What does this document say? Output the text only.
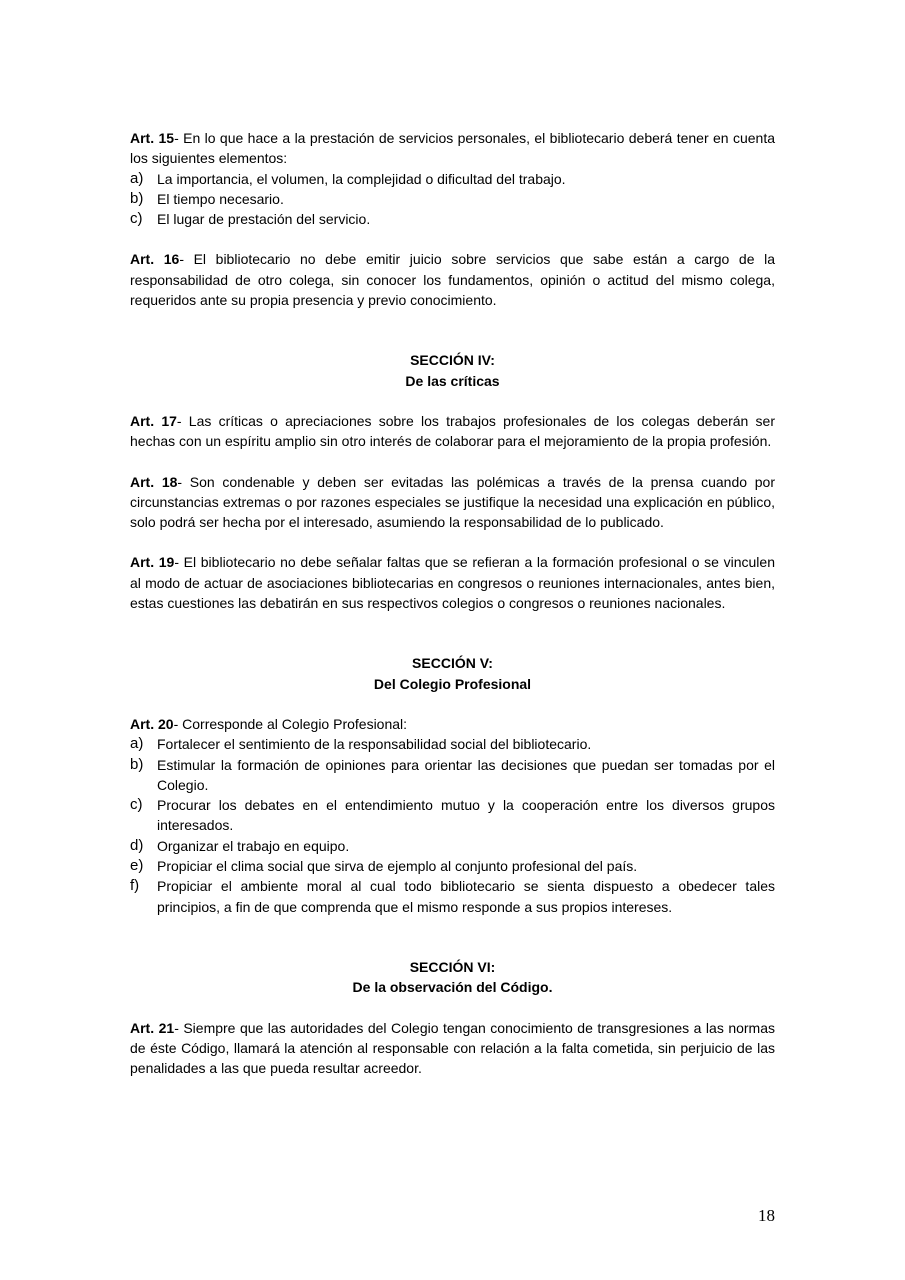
Art. 15- En lo que hace a la prestación de servicios personales, el bibliotecario deberá tener en cuenta los siguientes elementos:

a) La importancia, el volumen, la complejidad o dificultad del trabajo.
b) El tiempo necesario.
c)	El lugar de prestación del servicio.

Art. 16- El bibliotecario no debe emitir juicio sobre servicios que sabe están a cargo de la responsabilidad de otro colega, sin conocer los fundamentos, opinión o actitud del mismo colega, requeridos ante su propia presencia y previo conocimiento.

SECCIÓN IV:

De las críticas

Art. 17- Las críticas o apreciaciones sobre los trabajos profesionales de los colegas deberán ser hechas con un espíritu amplio sin otro interés de colaborar para el mejoramiento de la propia profesión.

Art. 18- Son condenable y deben ser evitadas las polémicas a través de la prensa cuando por circunstancias extremas o por razones especiales se justifique la necesidad una explicación en público, solo podrá ser hecha por el interesado, asumiendo la responsabilidad de lo publicado.

Art. 19- El bibliotecario no debe señalar faltas que se refieran a la formación profesional o se vinculen al modo de actuar de asociaciones bibliotecarias en congresos o reuniones internacionales, antes bien, estas cuestiones las debatirán en sus respectivos colegios o congresos o reuniones nacionales.

SECCIÓN V:

Del Colegio Profesional

Art. 20- Corresponde al Colegio Profesional:

a) Fortalecer el sentimiento de la responsabilidad social del bibliotecario.
b) Estimular la formación de opiniones para orientar las decisiones que puedan ser tomadas por el Colegio.
c)	Procurar los debates en el entendimiento mutuo y la cooperación entre los diversos grupos interesados.
d) Organizar el trabajo en equipo.
e) Propiciar el clima social que sirva de ejemplo al conjunto profesional del país.
f)	Propiciar el ambiente moral al cual todo bibliotecario se sienta dispuesto a obedecer tales principios, a fin de que comprenda que el mismo responde a sus propios intereses.

SECCIÓN VI:

De la observación del Código.

Art. 21- Siempre que las autoridades del Colegio tengan conocimiento de transgresiones a las normas de éste Código, llamará la atención al responsable con relación a la falta cometida, sin perjuicio de las penalidades a las que pueda resultar acreedor.

18
